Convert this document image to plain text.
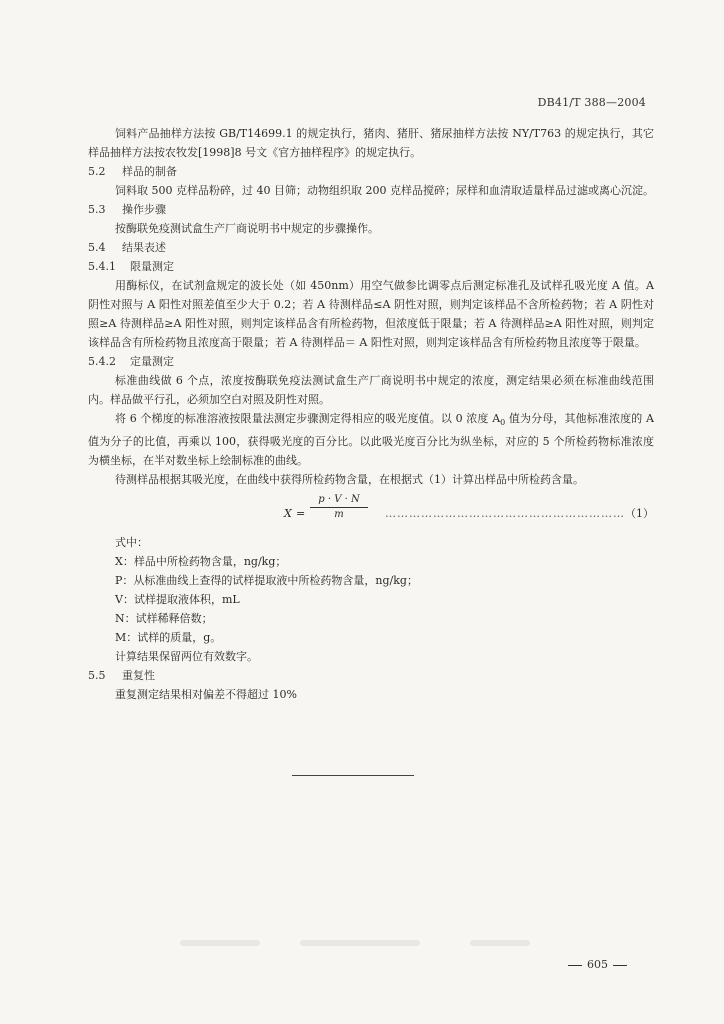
DB41/T 388—2004

饲料产品抽样方法按 GB/T14699.1 的规定执行，猪肉、猪肝、猪尿抽样方法按 NY/T763 的规定执行，其它样品抽样方法按农牧发[1998]8 号文《官方抽样程序》的规定执行。

5.2 样品的制备

饲料取 500 克样品粉碎，过 40 目筛；动物组织取 200 克样品搅碎；尿样和血清取适量样品过滤或离心沉淀。

5.3 操作步骤

按酶联免疫测试盒生产厂商说明书中规定的步骤操作。

5.4 结果表述

5.4.1 限量测定

用酶标仪，在试剂盒规定的波长处（如 450nm）用空气做参比调零点后测定标准孔及试样孔吸光度 A 值。A 阴性对照与 A 阳性对照差值至少大于 0.2；若 A 待测样品≤A 阴性对照，则判定该样品不含所检药物；若 A 阴性对照≥A 待测样品≥A 阳性对照，则判定该样品含有所检药物，但浓度低于限量；若 A 待测样品≥A 阳性对照，则判定该样品含有所检药物且浓度高于限量；若 A 待测样品＝ A 阳性对照，则判定该样品含有所检药物且浓度等于限量。

5.4.2 定量测定

标准曲线做 6 个点，浓度按酶联免疫法测试盒生产厂商说明书中规定的浓度，测定结果必须在标准曲线范围内。样品做平行孔，必须加空白对照及阴性对照。

将 6 个梯度的标准溶液按限量法测定步骤测定得相应的吸光度值。以 0 浓度 $A_0$ 值为分母，其他标准浓度的 A 值为分子的比值，再乘以 100，获得吸光度的百分比。以此吸光度百分比为纵坐标，对应的 5 个所检药物标准浓度为横坐标，在半对数坐标上绘制标准的曲线。

待测样品根据其吸光度，在曲线中获得所检药物含量，在根据式（1）计算出样品中所检药含量。

$X = \frac{p \cdot V \cdot N}{m}$ …………………………………………………… （1）

式中：

X：样品中所检药物含量，ng/kg；

P：从标准曲线上查得的试样提取液中所检药物含量，ng/kg；

V：试样提取液体积，mL

N：试样稀释倍数；

M：试样的质量，g。

计算结果保留两位有效数字。

5.5 重复性

重复测定结果相对偏差不得超过 10%

605
